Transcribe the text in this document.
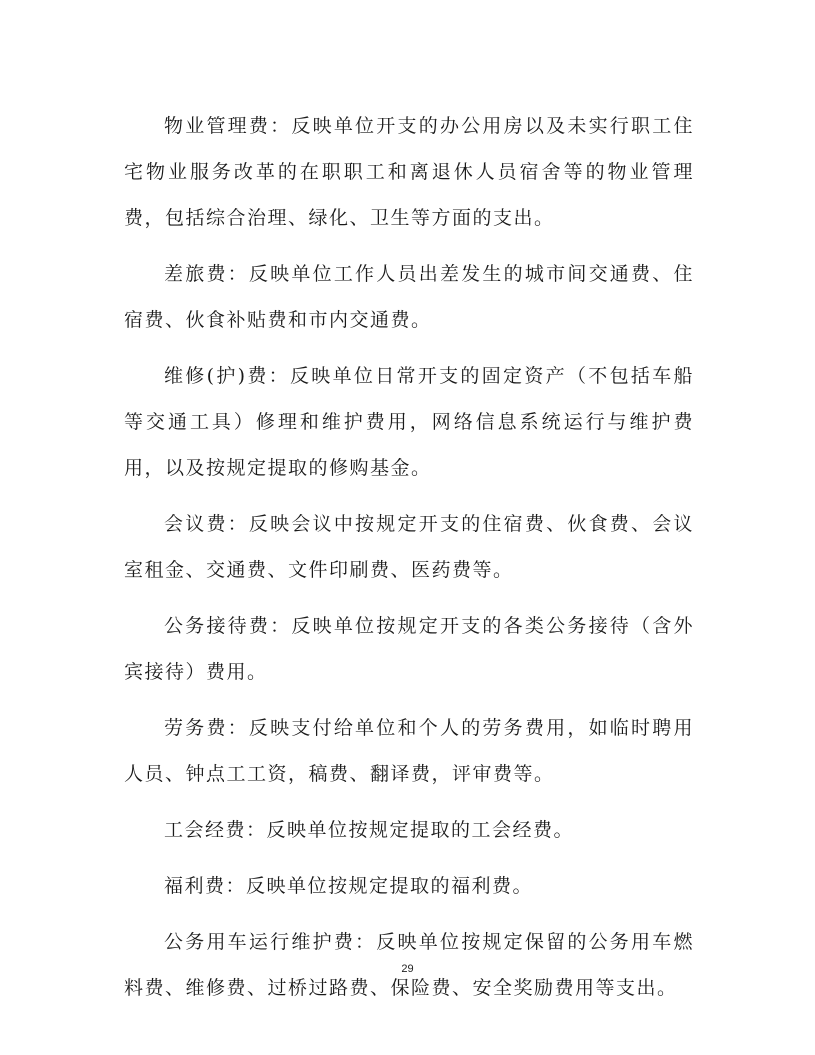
物业管理费：反映单位开支的办公用房以及未实行职工住宅物业服务改革的在职职工和离退休人员宿舍等的物业管理费，包括综合治理、绿化、卫生等方面的支出。

差旅费：反映单位工作人员出差发生的城市间交通费、住宿费、伙食补贴费和市内交通费。

维修(护)费：反映单位日常开支的固定资产（不包括车船等交通工具）修理和维护费用，网络信息系统运行与维护费用，以及按规定提取的修购基金。

会议费：反映会议中按规定开支的住宿费、伙食费、会议室租金、交通费、文件印刷费、医药费等。

公务接待费：反映单位按规定开支的各类公务接待（含外宾接待）费用。

劳务费：反映支付给单位和个人的劳务费用，如临时聘用人员、钟点工工资，稿费、翻译费，评审费等。

工会经费：反映单位按规定提取的工会经费。

福利费：反映单位按规定提取的福利费。

公务用车运行维护费：反映单位按规定保留的公务用车燃料费、维修费、过桥过路费、保险费、安全奖励费用等支出。

29
